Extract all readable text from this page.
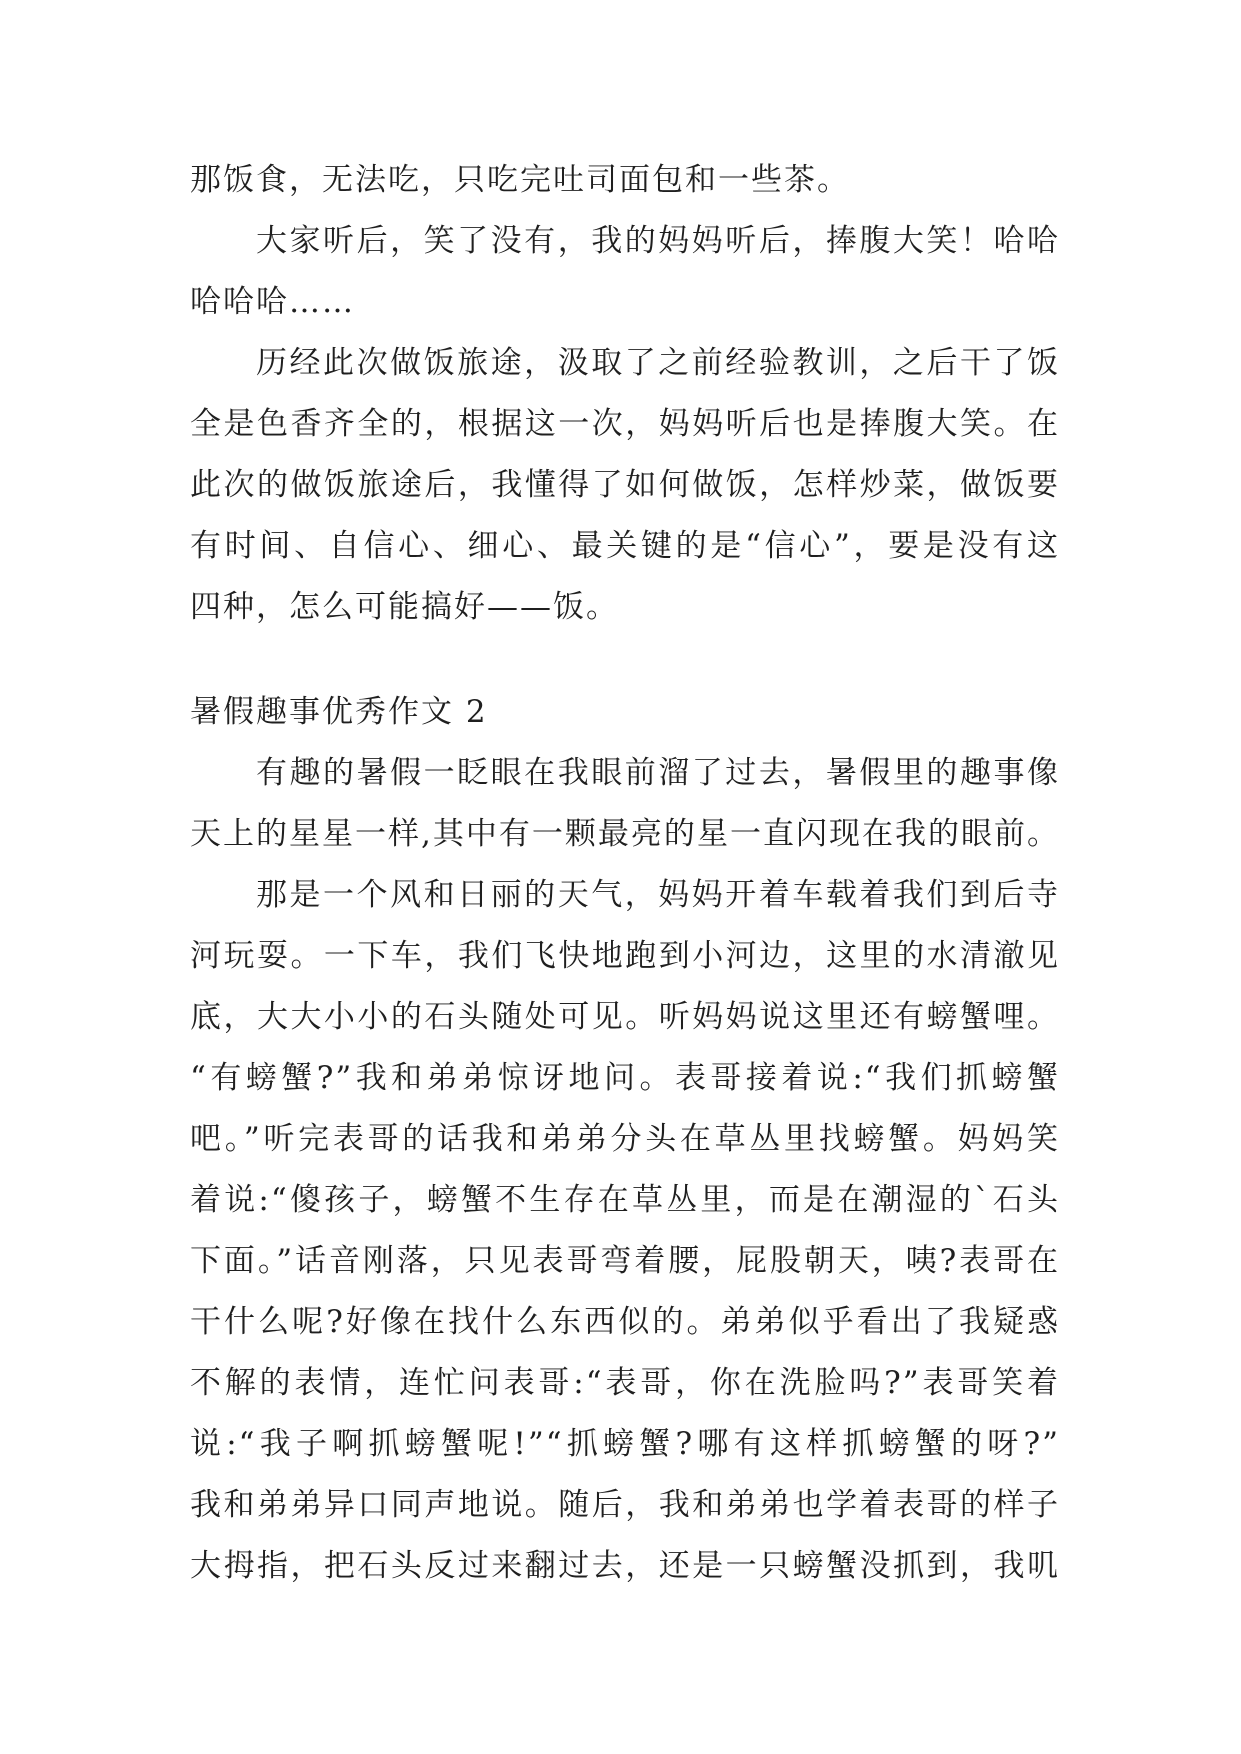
那饭食，无法吃，只吃完吐司面包和一些茶。
大家听后，笑了没有，我的妈妈听后，捧腹大笑！哈哈
哈哈哈……
历经此次做饭旅途，汲取了之前经验教训，之后干了饭
全是色香齐全的，根据这一次，妈妈听后也是捧腹大笑。在
此次的做饭旅途后，我懂得了如何做饭，怎样炒菜，做饭要
有时间、自信心、细心、最关键的是“信心”，要是没有这
四种，怎么可能搞好——饭。
暑假趣事优秀作文 2
有趣的暑假一眨眼在我眼前溜了过去，暑假里的趣事像
天上的星星一样,其中有一颗最亮的星一直闪现在我的眼前。
那是一个风和日丽的天气，妈妈开着车载着我们到后寺
河玩耍。一下车，我们飞快地跑到小河边，这里的水清澈见
底，大大小小的石头随处可见。听妈妈说这里还有螃蟹哩。
“有螃蟹?”我和弟弟惊讶地问。表哥接着说:“我们抓螃蟹
吧。”听完表哥的话我和弟弟分头在草丛里找螃蟹。妈妈笑
着说:“傻孩子，螃蟹不生存在草丛里，而是在潮湿的`石头
下面。”话音刚落，只见表哥弯着腰，屁股朝天，咦?表哥在
干什么呢?好像在找什么东西似的。弟弟似乎看出了我疑惑
不解的表情，连忙问表哥:“表哥，你在洗脸吗?”表哥笑着
说:“我子啊抓螃蟹呢!”“抓螃蟹?哪有这样抓螃蟹的呀?”
我和弟弟异口同声地说。随后，我和弟弟也学着表哥的样子
大拇指，把石头反过来翻过去，还是一只螃蟹没抓到，我叽
